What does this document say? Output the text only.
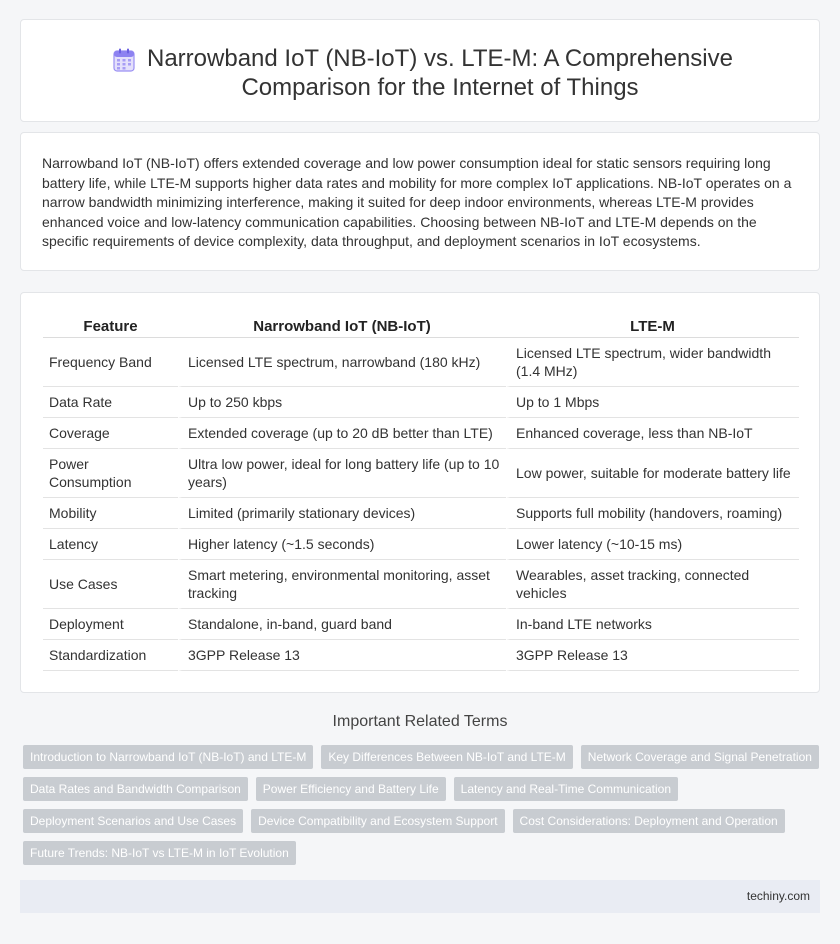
Narrowband IoT (NB-IoT) vs. LTE-M: A Comprehensive Comparison for the Internet of Things

Narrowband IoT (NB-IoT) offers extended coverage and low power consumption ideal for static sensors requiring long battery life, while LTE-M supports higher data rates and mobility for more complex IoT applications. NB-IoT operates on a narrow bandwidth minimizing interference, making it suited for deep indoor environments, whereas LTE-M provides enhanced voice and low-latency communication capabilities. Choosing between NB-IoT and LTE-M depends on the specific requirements of device complexity, data throughput, and deployment scenarios in IoT ecosystems.

Feature	Narrowband IoT (NB-IoT)	LTE-M
Frequency Band	Licensed LTE spectrum, narrowband (180 kHz)	Licensed LTE spectrum, wider bandwidth (1.4 MHz)
Data Rate	Up to 250 kbps	Up to 1 Mbps
Coverage	Extended coverage (up to 20 dB better than LTE)	Enhanced coverage, less than NB-IoT
Power Consumption	Ultra low power, ideal for long battery life (up to 10 years)	Low power, suitable for moderate battery life
Mobility	Limited (primarily stationary devices)	Supports full mobility (handovers, roaming)
Latency	Higher latency (~1.5 seconds)	Lower latency (~10-15 ms)
Use Cases	Smart metering, environmental monitoring, asset tracking	Wearables, asset tracking, connected vehicles
Deployment	Standalone, in-band, guard band	In-band LTE networks
Standardization	3GPP Release 13	3GPP Release 13
Important Related Terms
Introduction to Narrowband IoT (NB-IoT) and LTE-M	Key Differences Between NB-IoT and LTE-M	Network Coverage and Signal Penetration
Data Rates and Bandwidth Comparison	Power Efficiency and Battery Life	Latency and Real-Time Communication
Deployment Scenarios and Use Cases	Device Compatibility and Ecosystem Support	Cost Considerations: Deployment and Operation
Future Trends: NB-IoT vs LTE-M in IoT Evolution
techiny.com
